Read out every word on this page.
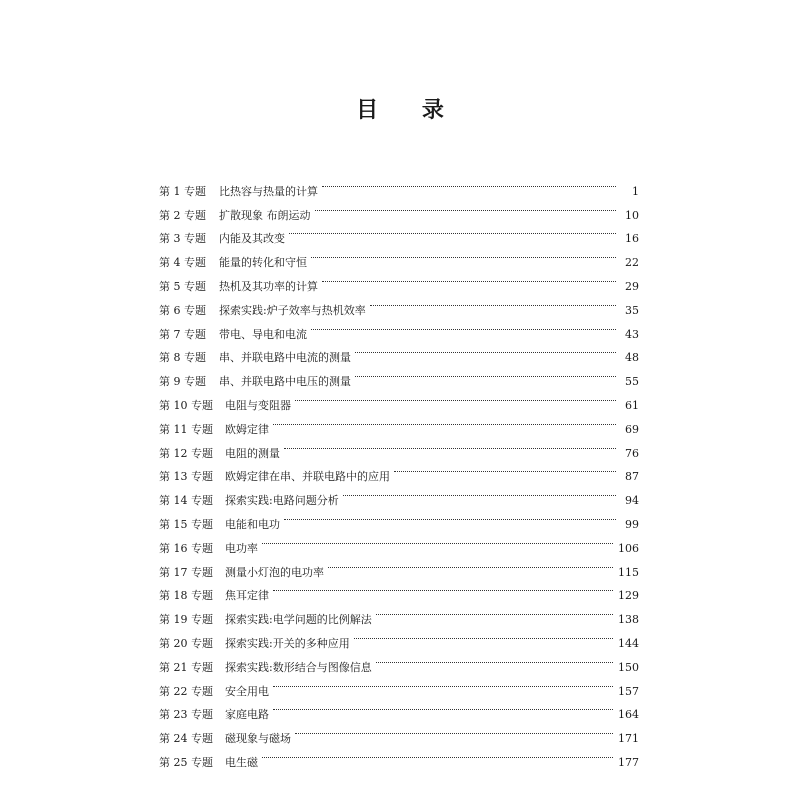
目 录
第 1 专题	比热容与热量的计算	1
第 2 专题	扩散现象 布朗运动	10
第 3 专题	内能及其改变	16
第 4 专题	能量的转化和守恒	22
第 5 专题	热机及其功率的计算	29
第 6 专题	探索实践:炉子效率与热机效率	35
第 7 专题	带电、导电和电流	43
第 8 专题	串、并联电路中电流的测量	48
第 9 专题	串、并联电路中电压的测量	55
第 10 专题	电阻与变阻器	61
第 11 专题	欧姆定律	69
第 12 专题	电阻的测量	76
第 13 专题	欧姆定律在串、并联电路中的应用	87
第 14 专题	探索实践:电路问题分析	94
第 15 专题	电能和电功	99
第 16 专题	电功率	106
第 17 专题	测量小灯泡的电功率	115
第 18 专题	焦耳定律	129
第 19 专题	探索实践:电学问题的比例解法	138
第 20 专题	探索实践:开关的多种应用	144
第 21 专题	探索实践:数形结合与图像信息	150
第 22 专题	安全用电	157
第 23 专题	家庭电路	164
第 24 专题	磁现象与磁场	171
第 25 专题	电生磁	177
